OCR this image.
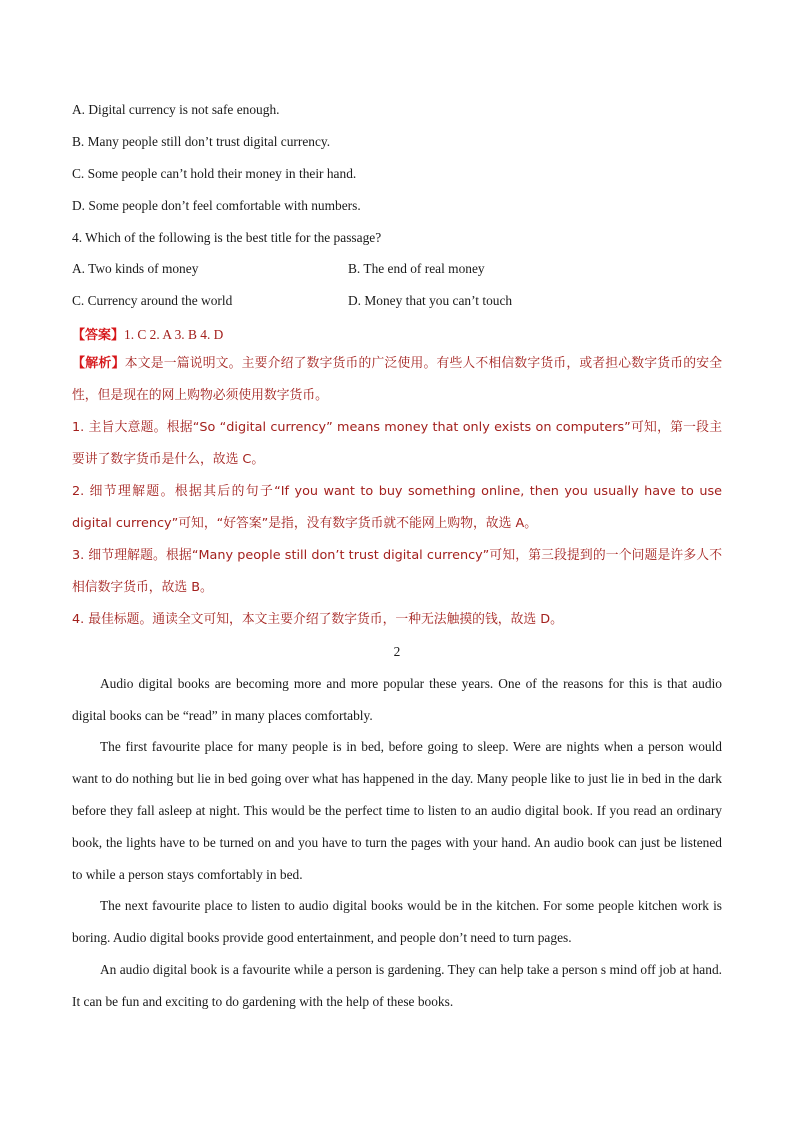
A. Digital currency is not safe enough.
B. Many people still don’t trust digital currency.
C. Some people can’t hold their money in their hand.
D. Some people don’t feel comfortable with numbers.
4. Which of the following is the best title for the passage?
A. Two kinds of money	B. The end of real money
C. Currency around the world	D. Money that you can’t touch
【答案】1. C 2. A 3. B 4. D

【解析】本文是一篇说明文。主要介绍了数字货币的广泛使用。有些人不相信数字货币，或者担心数字货币的安全性，但是现在的网上购物必须使用数字货币。

1. 主旨大意题。根据“So “digital currency” means money that only exists on computers”可知，第一段主要讲了数字货币是什么，故选 C。

2. 细节理解题。根据其后的句子“If you want to buy something online, then you usually have to use digital currency”可知，“好答案”是指，没有数字货币就不能网上购物，故选 A。

3. 细节理解题。根据“Many people still don’t trust digital currency”可知，第三段提到的一个问题是许多人不相信数字货币，故选 B。

4. 最佳标题。通读全文可知，本文主要介绍了数字货币，一种无法触摸的钱，故选 D。

2

Audio digital books are becoming more and more popular these years. One of the reasons for this is that audio digital books can be “read” in many places comfortably.

The first favourite place for many people is in bed, before going to sleep. Were are nights when a person would want to do nothing but lie in bed going over what has happened in the day. Many people like to just lie in bed in the dark before they fall asleep at night. This would be the perfect time to listen to an audio digital book. If you read an ordinary book, the lights have to be turned on and you have to turn the pages with your hand. An audio book can just be listened to while a person stays comfortably in bed.

The next favourite place to listen to audio digital books would be in the kitchen. For some people kitchen work is boring. Audio digital books provide good entertainment, and people don’t need to turn pages.

An audio digital book is a favourite while a person is gardening. They can help take a person s mind off job at hand. It can be fun and exciting to do gardening with the help of these books.
